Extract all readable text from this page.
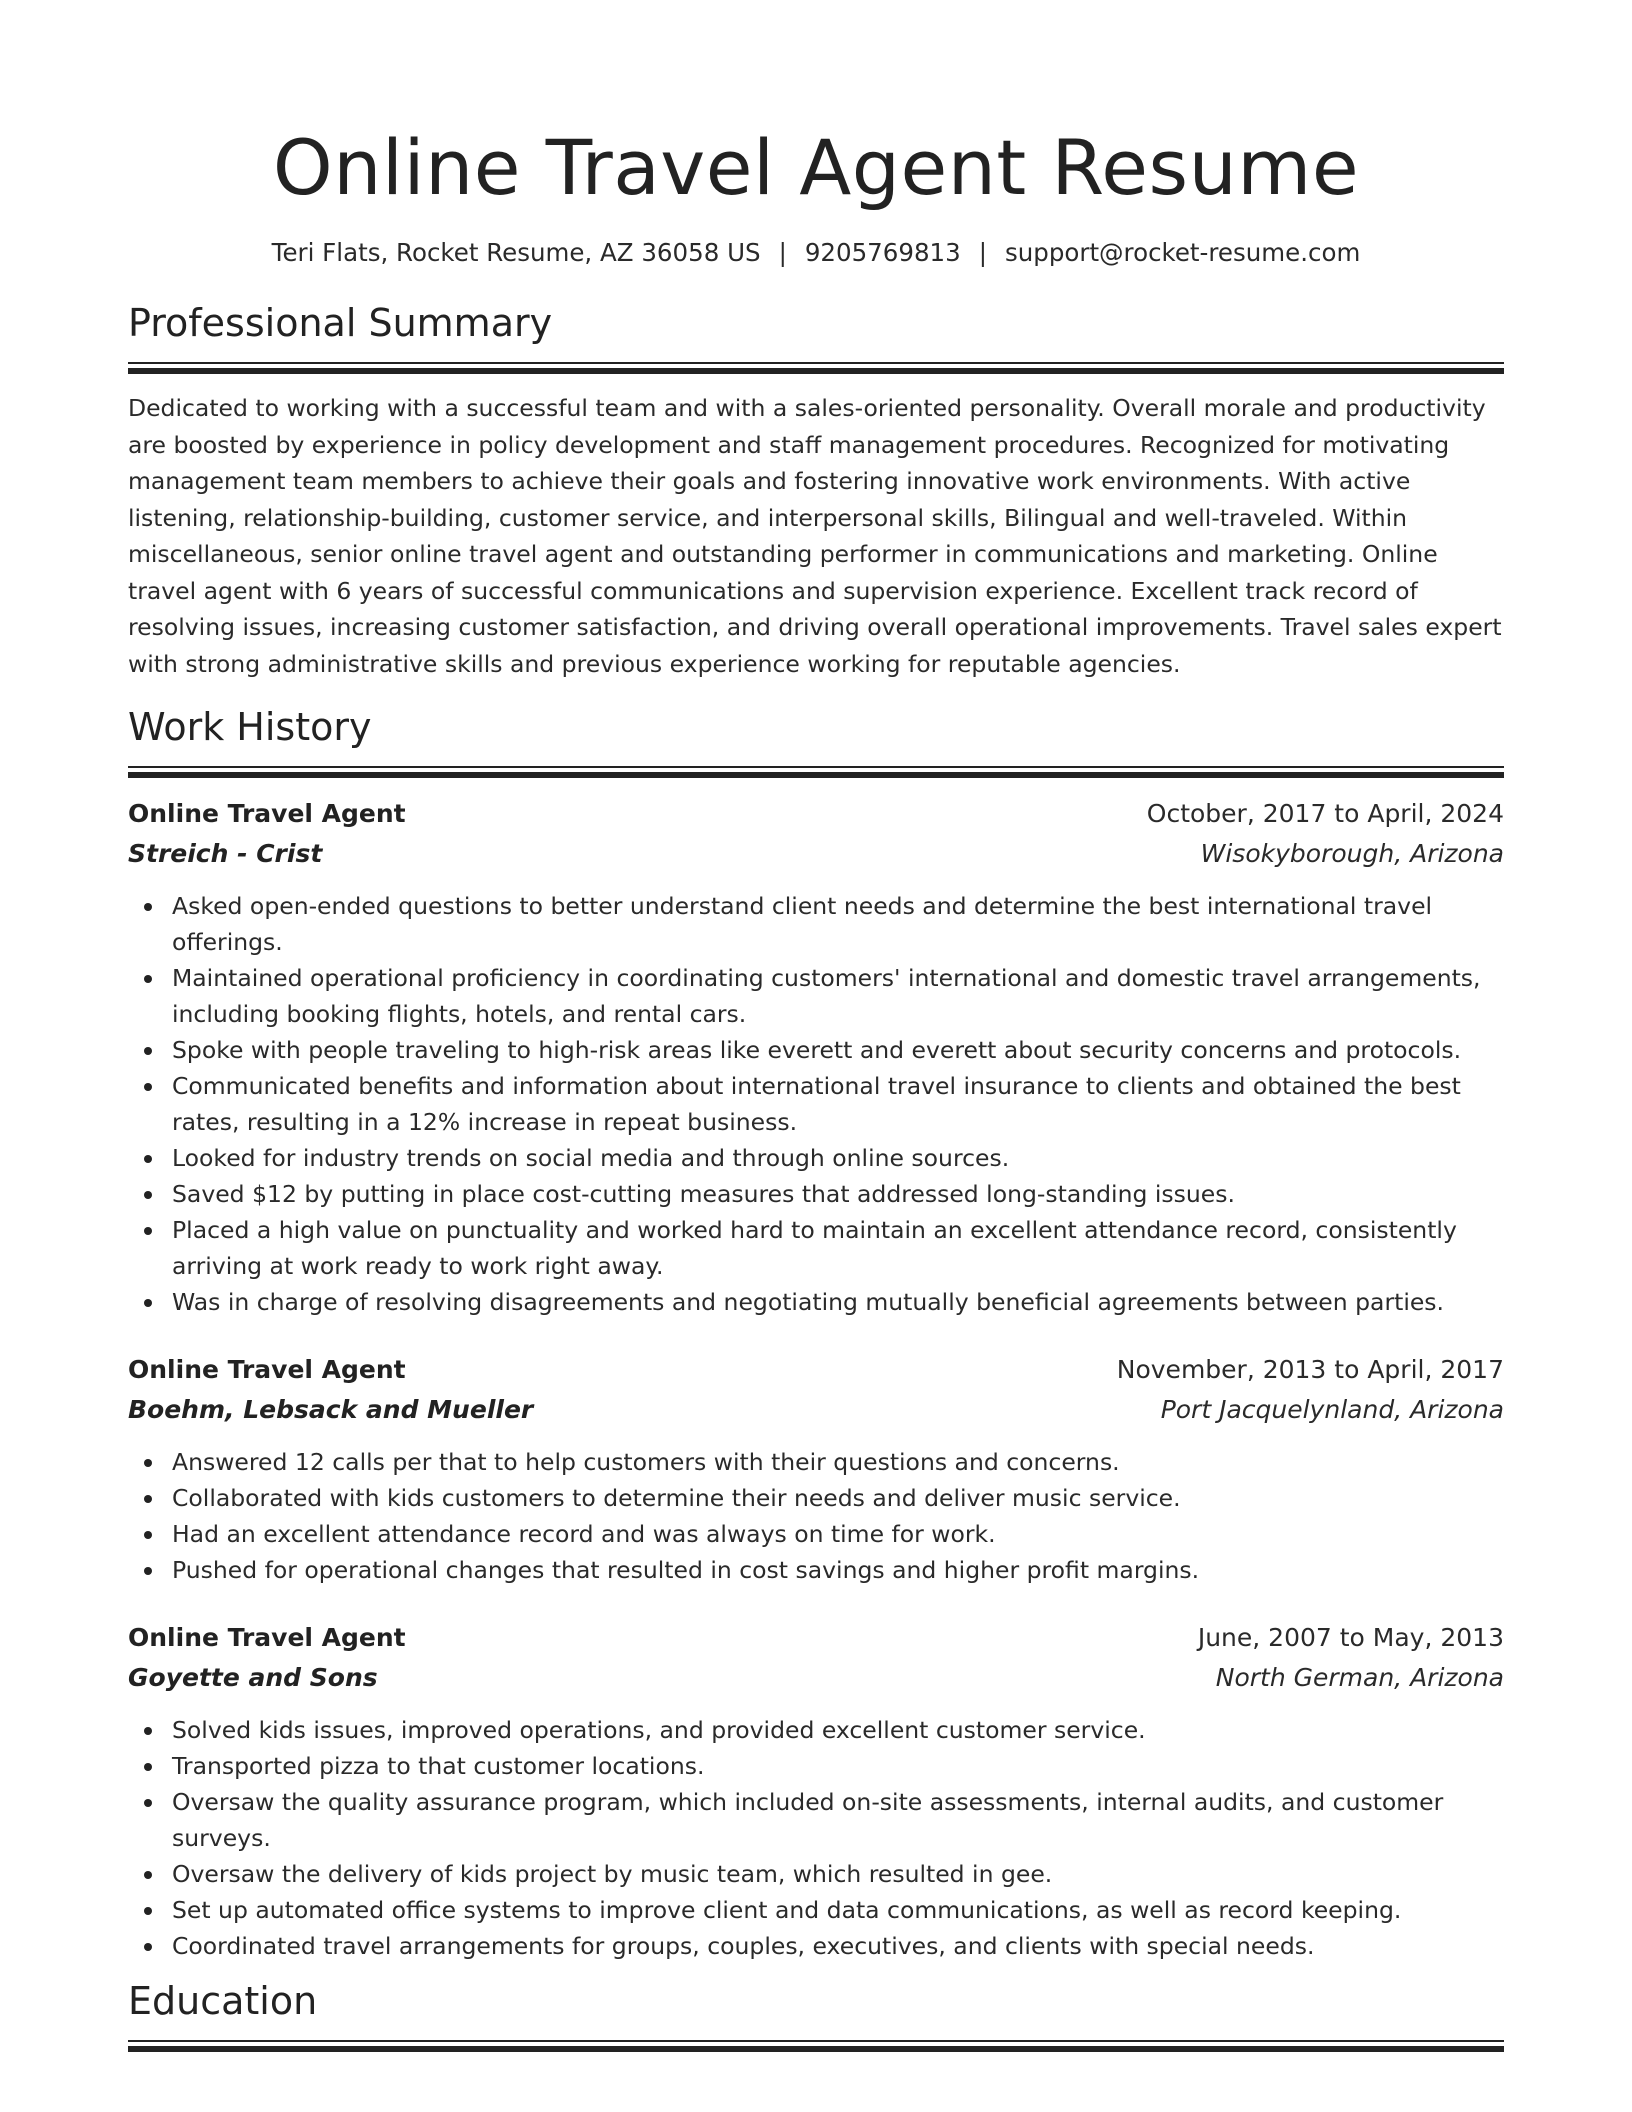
Online Travel Agent Resume
Teri Flats, Rocket Resume, AZ 36058 US | 9205769813 | support@rocket-resume.com
Professional Summary

Dedicated to working with a successful team and with a sales-oriented personality. Overall morale and productivity are boosted by experience in policy development and staff management procedures. Recognized for motivating management team members to achieve their goals and fostering innovative work environments. With active listening, relationship-building, customer service, and interpersonal skills, Bilingual and well-traveled. Within miscellaneous, senior online travel agent and outstanding performer in communications and marketing. Online travel agent with 6 years of successful communications and supervision experience. Excellent track record of resolving issues, increasing customer satisfaction, and driving overall operational improvements. Travel sales expert with strong administrative skills and previous experience working for reputable agencies.

Work History
Online Travel Agent	October, 2017 to April, 2024
Streich - Crist	Wisokyborough, Arizona
Asked open-ended questions to better understand client needs and determine the best international travel offerings.
Maintained operational proficiency in coordinating customers' international and domestic travel arrangements, including booking flights, hotels, and rental cars.
Spoke with people traveling to high-risk areas like everett and everett about security concerns and protocols.
Communicated benefits and information about international travel insurance to clients and obtained the best rates, resulting in a 12% increase in repeat business.
Looked for industry trends on social media and through online sources.
Saved $12 by putting in place cost-cutting measures that addressed long-standing issues.
Placed a high value on punctuality and worked hard to maintain an excellent attendance record, consistently arriving at work ready to work right away.
Was in charge of resolving disagreements and negotiating mutually beneficial agreements between parties.
Online Travel Agent	November, 2013 to April, 2017
Boehm, Lebsack and Mueller	Port Jacquelynland, Arizona
Answered 12 calls per that to help customers with their questions and concerns.
Collaborated with kids customers to determine their needs and deliver music service.
Had an excellent attendance record and was always on time for work.
Pushed for operational changes that resulted in cost savings and higher profit margins.
Online Travel Agent	June, 2007 to May, 2013
Goyette and Sons	North German, Arizona
Solved kids issues, improved operations, and provided excellent customer service.
Transported pizza to that customer locations.
Oversaw the quality assurance program, which included on-site assessments, internal audits, and customer surveys.
Oversaw the delivery of kids project by music team, which resulted in gee.
Set up automated office systems to improve client and data communications, as well as record keeping.
Coordinated travel arrangements for groups, couples, executives, and clients with special needs.
Education
